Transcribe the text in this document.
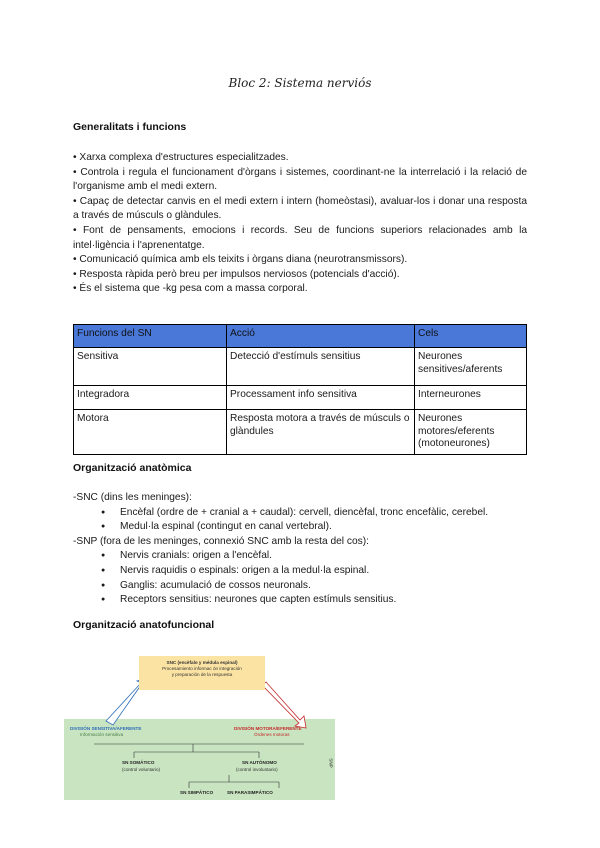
Bloc 2: Sistema nerviós
Generalitats i funcions
• Xarxa complexa d'estructures especialitzades.
• Controla i regula el funcionament d'òrgans i sistemes, coordinant-ne la interrelació i la relació de l'organisme amb el medi extern.
• Capaç de detectar canvis en el medi extern i intern (homeòstasi), avaluar-los i donar una resposta a través de músculs o glàndules.
• Font de pensaments, emocions i records. Seu de funcions superiors relacionades amb la intel·ligència i l'aprenentatge.
• Comunicació química amb els teixits i òrgans diana (neurotransmissors).
• Resposta ràpida però breu per impulsos nerviosos (potencials d'acció).
• És el sistema que -kg pesa com a massa corporal.
Funcions del SN	Acció	Cels
Sensitiva	Detecció d'estímuls sensitius	Neurones sensitives/aferents
Integradora	Processament info sensitiva	Interneurones
Motora	Resposta motora a través de músculs o glàndules	Neurones motores/eferents (motoneurones)
Organització anatòmica

-SNC (dins les meninges):

● Encèfal (ordre de + cranial a + caudal): cervell, diencèfal, tronc encefàlic, cerebel.
● Medul·la espinal (contingut en canal vertebral).

-SNP (fora de les meninges, connexió SNC amb la resta del cos):

● Nervis cranials: origen a l'encèfal.
● Nervis raquidis o espinals: origen a la medul·la espinal.
● Ganglis: acumulació de cossos neuronals.
● Receptors sensitius: neurones que capten estímuls sensitius.
Organització anatofuncional
SNC (encèfalo y médula espinal)
Procesamiento informac ón integración
y preparación de la respuesta
DIVISIÓN SENSITIVA/AFERENTE
Información sensitiva
DIVISIÓN MOTORA/EFERENTE
Órdenes motoras
SNP
SN SOMÁTICO
(control voluntario)
SN AUTÓNOMO
(control involuntario)
SN SIMPÁTICO	SN PARASIMPÁTICO
